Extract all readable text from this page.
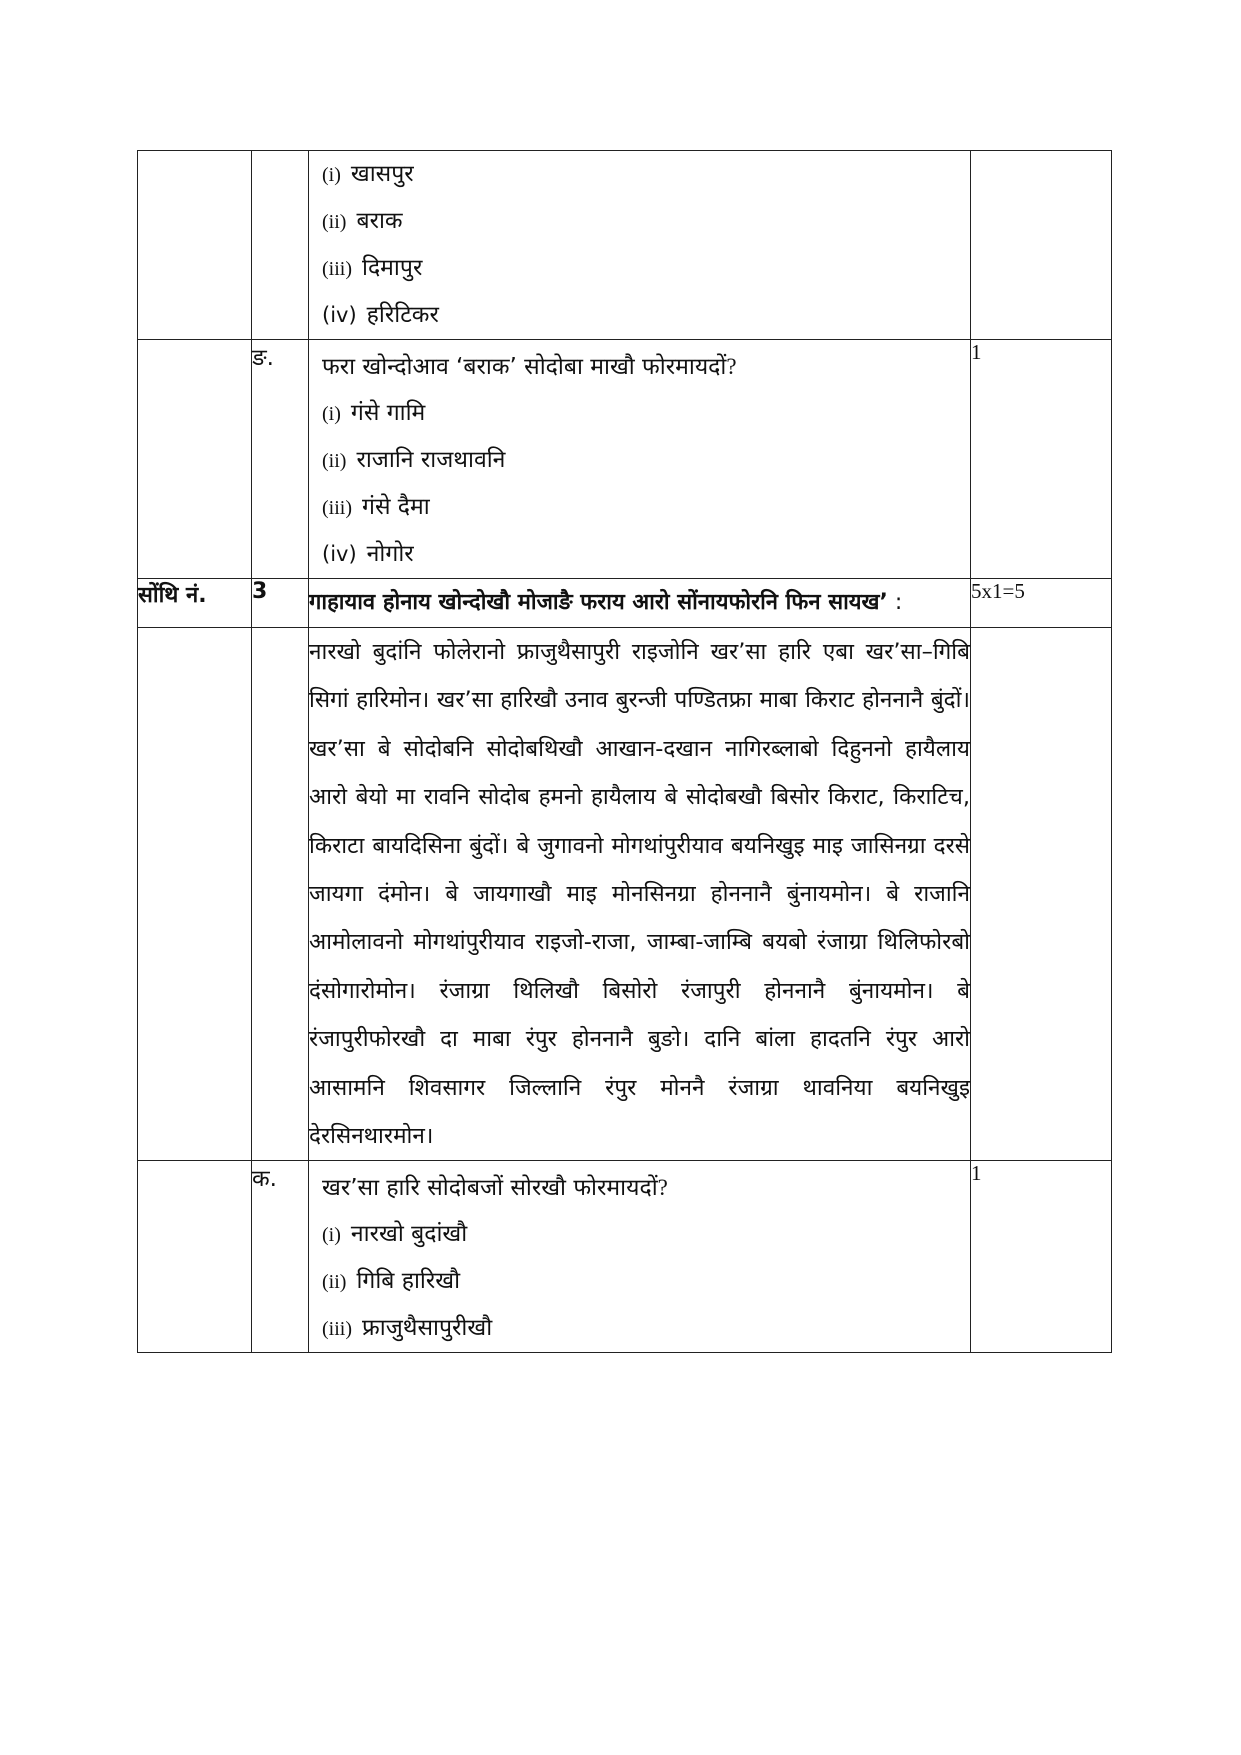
		(i) खासपुर
(ii) बराक
(iii) दिमापुर
(iv) हरिटिकर	

	ङ.	फरा खोन्दोआव ‘बराक’ सोदोबा माखौ फोरमायदों?
(i) गंसे गामि
(ii) राजानि राजथावनि
(iii) गंसे दैमा
(iv) नोगोर	1
सोंथि नं.	3	गाहायाव होनाय खोन्दोखौ मोजाङै फराय आरो सोंनायफोरनि फिन सायख’ :	5x1=5
		नारखो बुदांनि फोलेरानो फ्राजुथैसापुरी राइजोनि खर’सा हारि एबा खर’सा–गिबि सिगां हारिमोन। खर’सा हारिखौ उनाव बुरन्जी पण्डितफ्रा माबा किराट होननानै बुंदों। खर’सा बे सोदोबनि सोदोबथिखौ आखान-दखान नागिरब्लाबो दिहुननो हायैलाय आरो बेयो मा रावनि सोदोब हमनो हायैलाय बे सोदोबखौ बिसोर किराट, किराटिच, किराटा बायदिसिना बुंदों। बे जुगावनो मोगथांपुरीयाव बयनिखुइ माइ जासिनग्रा दरसे जायगा दंमोन। बे जायगाखौ माइ मोनसिनग्रा होननानै बुंनायमोन। बे राजानि आमोलावनो मोगथांपुरीयाव राइजो-राजा, जाम्बा-जाम्बि बयबो रंजाग्रा थिलिफोरबो दंसोगारोमोन। रंजाग्रा थिलिखौ बिसोरो रंजापुरी होननानै बुंनायमोन। बे रंजापुरीफोरखौ दा माबा रंपुर होननानै बुङो। दानि बांला हादतनि रंपुर आरो आसामनि शिवसागर जिल्लानि रंपुर मोननै रंजाग्रा थावनिया बयनिखुइ देरसिनथारमोन।	
	क.	खर’सा हारि सोदोबजों सोरखौ फोरमायदों?
(i) नारखो बुदांखौ
(ii) गिबि हारिखौ
(iii) फ्राजुथैसापुरीखौ	1
